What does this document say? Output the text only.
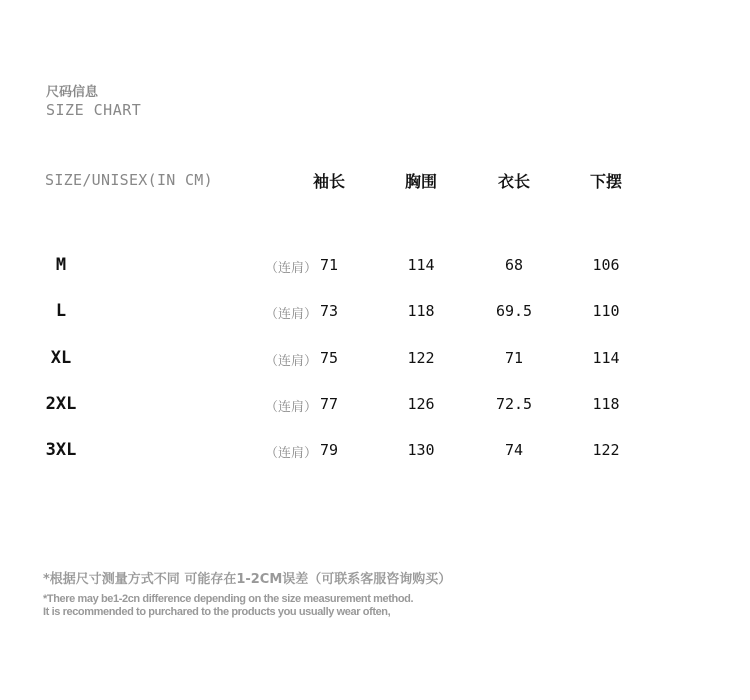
尺码信息
SIZE CHART
SIZE/UNISEX(IN CM)	袖长	胸围	衣长	下摆
M	（连肩） 71	114	68	106
L	（连肩） 73	118	69.5	110
XL	（连肩） 75	122	71	114
2XL	（连肩） 77	126	72.5	118
3XL	（连肩） 79	130	74	122
*根据尺寸测量方式不同 可能存在1-2CM误差（可联系客服咨询购买）
*There may be1-2cn difference depending on the size measurement method.
It is recommended to purchared to the products you usually wear often,
